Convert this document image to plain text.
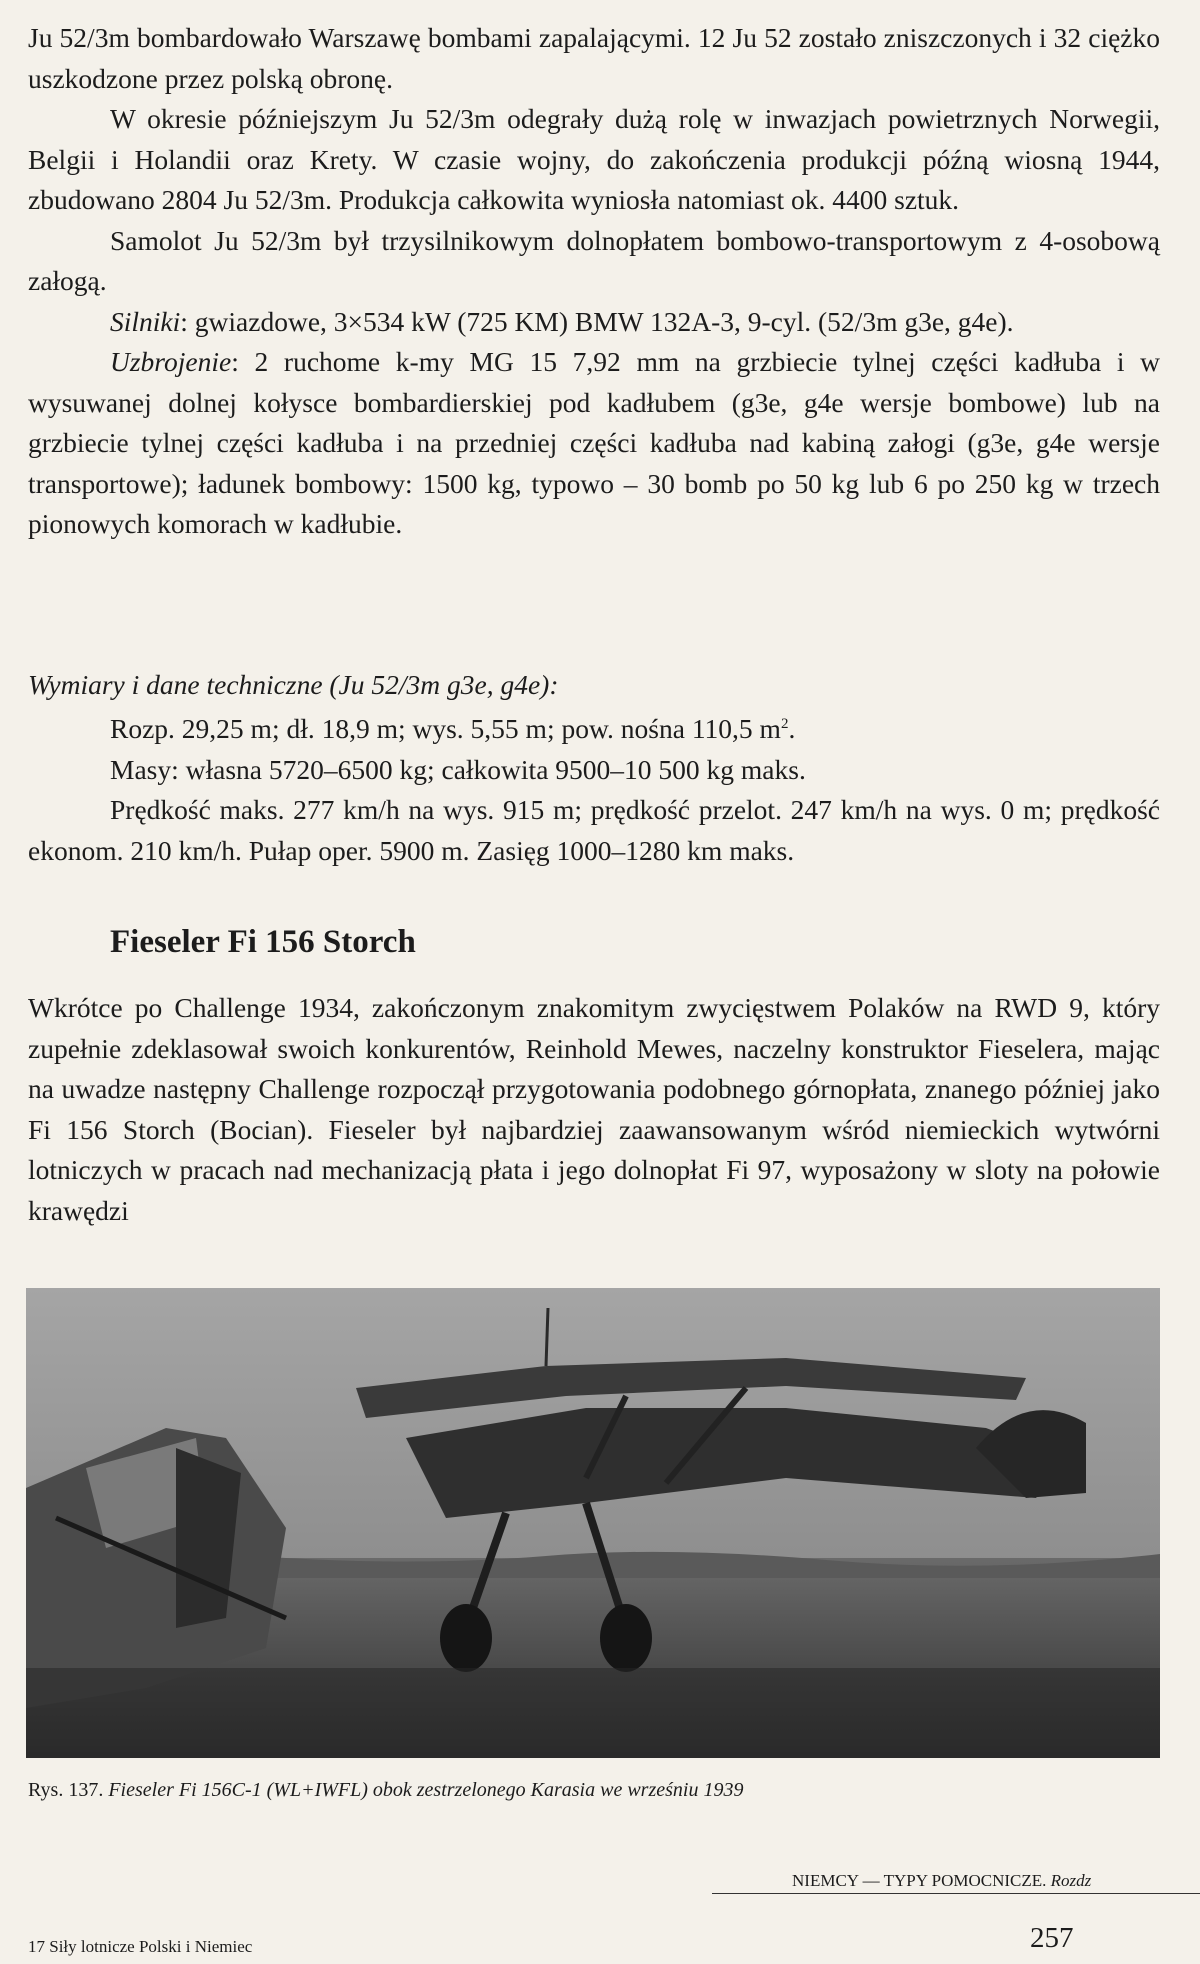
Ju 52/3m bombardowało Warszawę bombami zapalającymi. 12 Ju 52 zostało zniszczonych i 32 ciężko uszkodzone przez polską obronę.

W okresie późniejszym Ju 52/3m odegrały dużą rolę w inwazjach powietrznych Norwegii, Belgii i Holandii oraz Krety. W czasie wojny, do zakończenia produkcji późną wiosną 1944, zbudowano 2804 Ju 52/3m. Produkcja całkowita wyniosła natomiast ok. 4400 sztuk.

Samolot Ju 52/3m był trzysilnikowym dolnopłatem bombowo-transportowym z 4-osobową załogą.

Silniki: gwiazdowe, 3×534 kW (725 KM) BMW 132A-3, 9-cyl. (52/3m g3e, g4e).

Uzbrojenie: 2 ruchome k-my MG 15 7,92 mm na grzbiecie tylnej części kadłuba i w wysuwanej dolnej kołysce bombardierskiej pod kadłubem (g3e, g4e wersje bombowe) lub na grzbiecie tylnej części kadłuba i na przedniej części kadłuba nad kabiną załogi (g3e, g4e wersje transportowe); ładunek bombowy: 1500 kg, typowo – 30 bomb po 50 kg lub 6 po 250 kg w trzech pionowych komorach w kadłubie.

Wymiary i dane techniczne (Ju 52/3m g3e, g4e):

Rozp. 29,25 m; dł. 18,9 m; wys. 5,55 m; pow. nośna 110,5 $m^2$.

Masy: własna 5720–6500 kg; całkowita 9500–10 500 kg maks.

Prędkość maks. 277 km/h na wys. 915 m; prędkość przelot. 247 km/h na wys. 0 m; prędkość ekonom. 210 km/h. Pułap oper. 5900 m. Zasięg 1000–1280 km maks.

Fieseler Fi 156 Storch

Wkrótce po Challenge 1934, zakończonym znakomitym zwycięstwem Polaków na RWD 9, który zupełnie zdeklasował swoich konkurentów, Reinhold Mewes, naczelny konstruktor Fieselera, mając na uwadze następny Challenge rozpoczął przygotowania podobnego górnopłata, znanego później jako Fi 156 Storch (Bocian). Fieseler był najbardziej zaawansowanym wśród niemieckich wytwórni lotniczych w pracach nad mechanizacją płata i jego dolnopłat Fi 97, wyposażony w sloty na połowie krawędzi

Rys. 137. Fieseler Fi 156C-1 (WL+IWFL) obok zestrzelonego Karasia we wrześniu 1939
NIEMCY — TYPY POMOCNICZE. Rozdz
17 Siły lotnicze Polski i Niemiec	257
